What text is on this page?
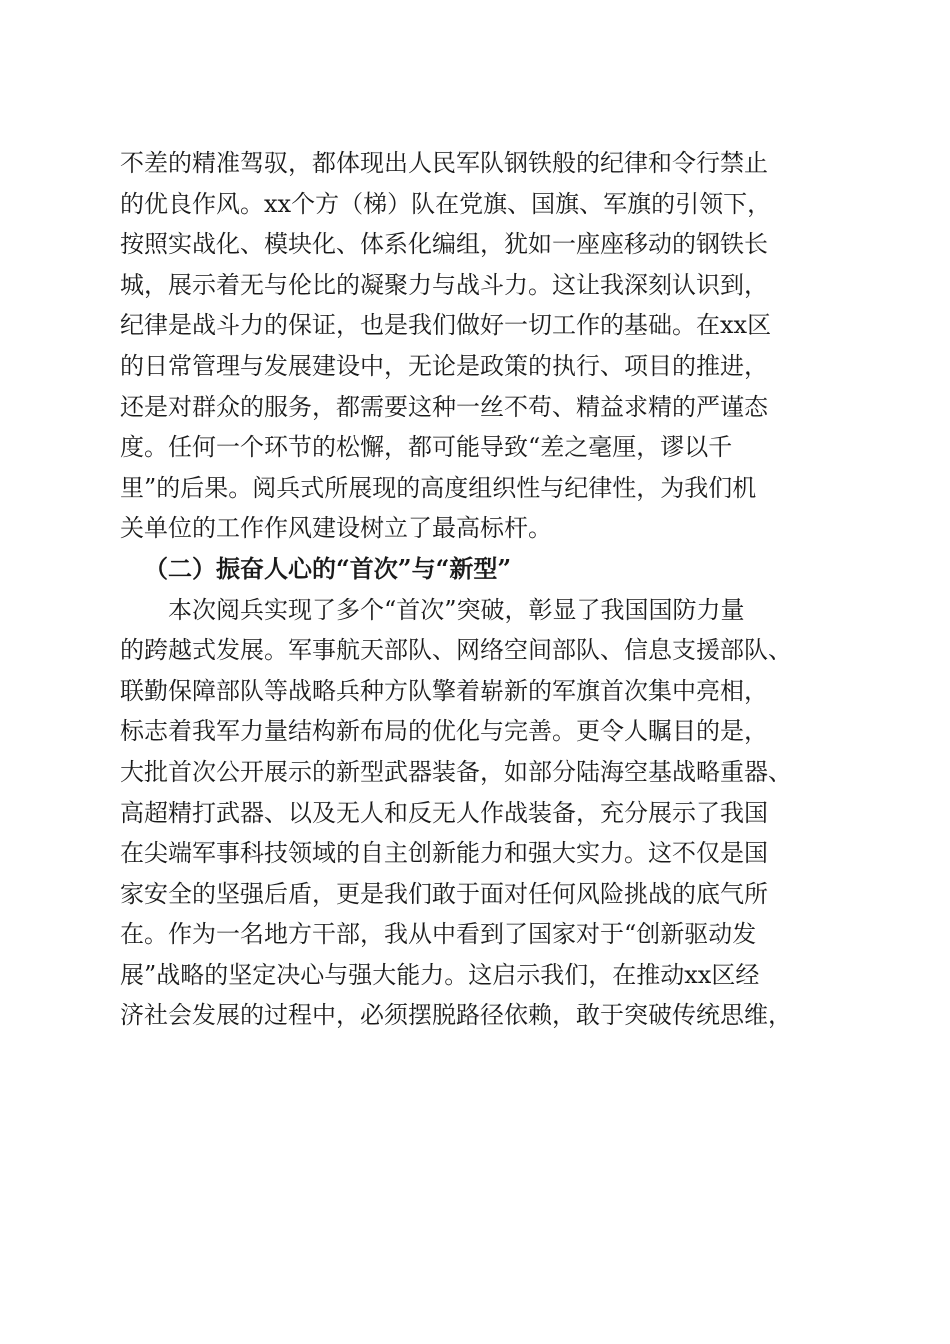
不差的精准驾驭，都体现出人民军队钢铁般的纪律和令行禁止
的优良作风。xx个方（梯）队在党旗、国旗、军旗的引领下，
按照实战化、模块化、体系化编组，犹如一座座移动的钢铁长
城，展示着无与伦比的凝聚力与战斗力。这让我深刻认识到，
纪律是战斗力的保证，也是我们做好一切工作的基础。在xx区
的日常管理与发展建设中，无论是政策的执行、项目的推进，
还是对群众的服务，都需要这种一丝不苟、精益求精的严谨态
度。任何一个环节的松懈，都可能导致“差之毫厘，谬以千
里”的后果。阅兵式所展现的高度组织性与纪律性，为我们机
关单位的工作作风建设树立了最高标杆。
（二）振奋人心的“首次”与“新型”
本次阅兵实现了多个“首次”突破，彰显了我国国防力量
的跨越式发展。军事航天部队、网络空间部队、信息支援部队、
联勤保障部队等战略兵种方队擎着崭新的军旗首次集中亮相，
标志着我军力量结构新布局的优化与完善。更令人瞩目的是，
大批首次公开展示的新型武器装备，如部分陆海空基战略重器、
高超精打武器、以及无人和反无人作战装备，充分展示了我国
在尖端军事科技领域的自主创新能力和强大实力。这不仅是国
家安全的坚强后盾，更是我们敢于面对任何风险挑战的底气所
在。作为一名地方干部，我从中看到了国家对于“创新驱动发
展”战略的坚定决心与强大能力。这启示我们，在推动xx区经
济社会发展的过程中，必须摆脱路径依赖，敢于突破传统思维，
